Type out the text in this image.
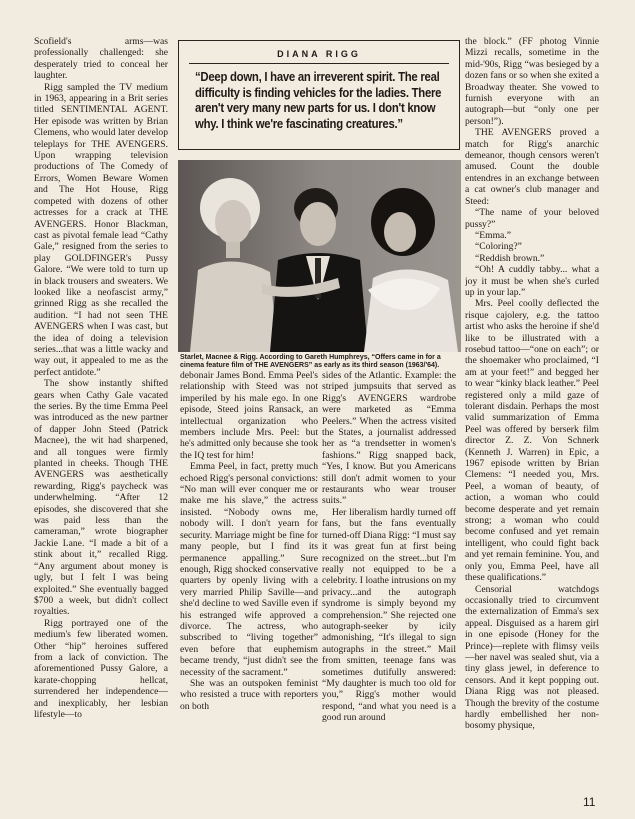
Scofield's arms—was professionally challenged: she desperately tried to conceal her laughter.

Rigg sampled the TV medium in 1963, appearing in a Brit series titled SENTIMENTAL AGENT. Her episode was written by Brian Clemens, who would later develop teleplays for THE AVENGERS. Upon wrapping television productions of The Comedy of Errors, Women Beware Women and The Hot House, Rigg competed with dozens of other actresses for a crack at THE AVENGERS. Honor Blackman, cast as pivotal female lead “Cathy Gale,” resigned from the series to play GOLDFINGER's Pussy Galore. “We were told to turn up in black trousers and sweaters. We looked like a neofascist army,” grinned Rigg as she recalled the audition. “I had not seen THE AVENGERS when I was cast, but the idea of doing a television series...that was a little wacky and way out, it appealed to me as the perfect antidote.”

The show instantly shifted gears when Cathy Gale vacated the series. By the time Emma Peel was introduced as the new partner of dapper John Steed (Patrick Macnee), the wit had sharpened, and all tongues were firmly planted in cheeks. Though THE AVENGERS was aesthetically rewarding, Rigg's paycheck was underwhelming. “After 12 episodes, she discovered that she was paid less than the cameraman,” wrote biographer Jackie Lane. “I made a bit of a stink about it,” recalled Rigg. “Any argument about money is ugly, but I felt I was being exploited.” She eventually bagged $700 a week, but didn't collect royalties.

Rigg portrayed one of the medium's few liberated women. Other “hip” heroines suffered from a lack of conviction. The aforementioned Pussy Galore, a karate-chopping hellcat, surrendered her independence—and inexplicably, her lesbian lifestyle—to

DIANA RIGG
“Deep down, I have an irreverent spirit. The real difficulty is finding vehicles for the ladies. There aren't very many new parts for us. I don't know why. I think we're fascinating creatures.”
Starlet, Macnee & Rigg. According to Gareth Humphreys, “Offers came in for a cinema feature film of THE AVENGERS” as early as its third season (1963/'64).

debonair James Bond. Emma Peel's relationship with Steed was not imperiled by his male ego. In one episode, Steed joins Ransack, an intellectual organization who members include Mrs. Peel: but he's admitted only because she took the IQ test for him!

Emma Peel, in fact, pretty much echoed Rigg's personal convictions: “No man will ever conquer me or make me his slave,” the actress insisted. “Nobody owns me, nobody will. I don't yearn for security. Marriage might be fine for many people, but I find its permanence appalling.” Sure enough, Rigg shocked conservative quarters by openly living with a very married Philip Saville—and she'd decline to wed Saville even if his estranged wife approved a divorce. The actress, who subscribed to “living together” even before that euphemism became trendy, “just didn't see the necessity of the sacrament.”

She was an outspoken feminist who resisted a truce with reporters on both

sides of the Atlantic. Example: the striped jumpsuits that served as Rigg's AVENGERS wardrobe were marketed as “Emma Peelers.” When the actress visited the States, a journalist addressed her as “a trendsetter in women's fashions.” Rigg snapped back, “Yes, I know. But you Americans still don't admit women to your restaurants who wear trouser suits.”

Her liberalism hardly turned off fans, but the fans eventually turned-off Diana Rigg: “I must say it was great fun at first being recognized on the street...but I'm really not equipped to be a celebrity. I loathe intrusions on my privacy...and the autograph syndrome is simply beyond my comprehension.” She rejected one autograph-seeker by icily admonishing, “It's illegal to sign autographs in the street.” Mail from smitten, teenage fans was sometimes dutifully answered: “My daughter is much too old for you,” Rigg's mother would respond, “and what you need is a good run around

the block.” (FF photog Vinnie Mizzi recalls, sometime in the mid-'90s, Rigg “was besieged by a dozen fans or so when she exited a Broadway theater. She vowed to furnish everyone with an autograph—but “only one per person!”).

THE AVENGERS proved a match for Rigg's anarchic demeanor, though censors weren't amused. Count the double entendres in an exchange between a cat owner's club manager and Steed:

“The name of your beloved pussy?”

“Emma.”

“Coloring?”

“Reddish brown.”

“Oh! A cuddly tabby... what a joy it must be when she's curled up in your lap.”

Mrs. Peel coolly deflected the risque cajolery, e.g. the tattoo artist who asks the heroine if she'd like to be illustrated with a rosebud tattoo—“one on each”; or the shoemaker who proclaimed, “I am at your feet!” and begged her to wear “kinky black leather.” Peel registered only a mild gaze of tolerant disdain. Perhaps the most valid summarization of Emma Peel was offered by berserk film director Z. Z. Von Schnerk (Kenneth J. Warren) in Epic, a 1967 episode written by Brian Clemens: “I needed you, Mrs. Peel, a woman of beauty, of action, a woman who could become desperate and yet remain strong; a woman who could become confused and yet remain intelligent, who could fight back and yet remain feminine. You, and only you, Emma Peel, have all these qualifications.”

Censorial watchdogs occasionally tried to circumvent the externalization of Emma's sex appeal. Disguised as a harem girl in one episode (Honey for the Prince)—replete with flimsy veils—her navel was sealed shut, via a tiny glass jewel, in deference to censors. And it kept popping out. Diana Rigg was not pleased. Though the brevity of the costume hardly embellished her non-bosomy physique,

11
